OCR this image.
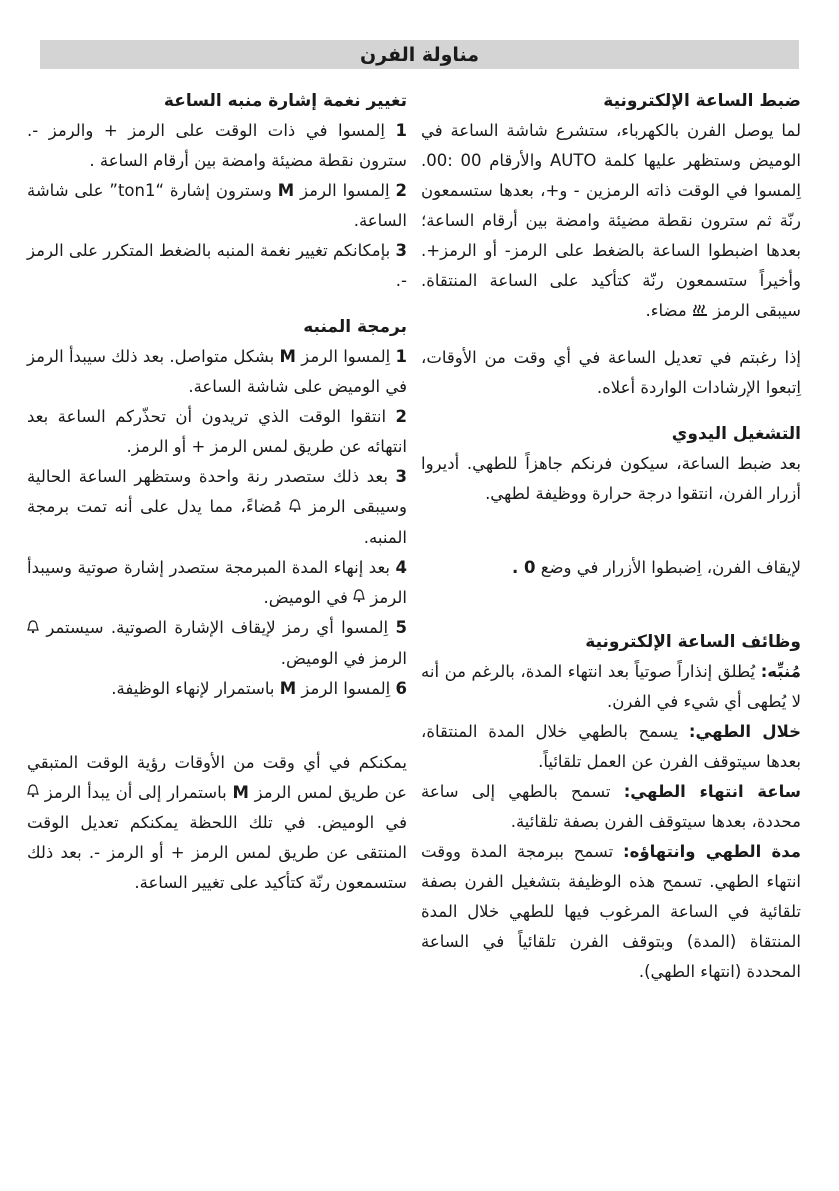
مناولة الفرن

ضبط الساعة الإلكترونية

لما يوصل الفرن بالكهرباء، ستشرع شاشة الساعة في الوميض وستظهر عليها كلمة AUTO والأرقام 00 :00. اِلمسوا في الوقت ذاته الرمزين - و+، بعدها ستسمعون رنّة ثم سترون نقطة مضيئة وامضة بين أرقام الساعة؛ بعدها اضبطوا الساعة بالضغط على الرمز- أو الرمز+. وأخيراً ستسمعون رنّة كتأكيد على الساعة المنتقاة. سيبقى الرمز  مضاء.

إذا رغبتم في تعديل الساعة في أي وقت من الأوقات، اِتبعوا الإرشادات الواردة أعلاه.

التشغيل اليدوي

بعد ضبط الساعة، سيكون فرنكم جاهزاً للطهي. أديروا أزرار الفرن، انتقوا درجة حرارة ووظيفة لطهي.

لإيقاف الفرن، اِضبطوا الأزرار في وضع 0 .

وظائف الساعة الإلكترونية

مُنبِّه: يُطلق إنذاراً صوتياً بعد انتهاء المدة، بالرغم من أنه لا يُطهى أي شيء في الفرن.

خلال الطهي: يسمح بالطهي خلال المدة المنتقاة، بعدها سيتوقف الفرن عن العمل تلقائياً.

ساعة انتهاء الطهي: تسمح بالطهي إلى ساعة محددة، بعدها سيتوقف الفرن بصفة تلقائية.

مدة الطهي وانتهاؤه: تسمح ببرمجة المدة ووقت انتهاء الطهي. تسمح هذه الوظيفة بتشغيل الفرن بصفة تلقائية في الساعة المرغوب فيها للطهي خلال المدة المنتقاة (المدة) وبتوقف الفرن تلقائياً في الساعة المحددة (انتهاء الطهي).

تغيير نغمة إشارة منبه الساعة

1 اِلمسوا في ذات الوقت على الرمز + والرمز -. سترون نقطة مضيئة وامضة بين أرقام الساعة .

2 اِلمسوا الرمز M وسترون إشارة “ton1” على شاشة الساعة.

3 بإمكانكم تغيير نغمة المنبه بالضغط المتكرر على الرمز -.

برمجة المنبه

1 اِلمسوا الرمز M بشكل متواصل. بعد ذلك سيبدأ الرمز في الوميض على شاشة الساعة.

2 انتقوا الوقت الذي تريدون أن تحذّركم الساعة بعد انتهائه عن طريق لمس الرمز + أو الرمز.

3 بعد ذلك ستصدر رنة واحدة وستظهر الساعة الحالية وسيبقى الرمز  مُضاءً، مما يدل على أنه تمت برمجة المنبه.

4 بعد إنهاء المدة المبرمجة ستصدر إشارة صوتية وسيبدأ الرمز  في الوميض.

5 اِلمسوا أي رمز لإيقاف الإشارة الصوتية. سيستمر  الرمز في الوميض.

6 اِلمسوا الرمز M باستمرار لإنهاء الوظيفة.

يمكنكم في أي وقت من الأوقات رؤية الوقت المتبقي عن طريق لمس الرمز M باستمرار إلى أن يبدأ الرمز  في الوميض. في تلك اللحظة يمكنكم تعديل الوقت المنتقى عن طريق لمس الرمز + أو الرمز -. بعد ذلك ستسمعون رنّة كتأكيد على تغيير الساعة.
